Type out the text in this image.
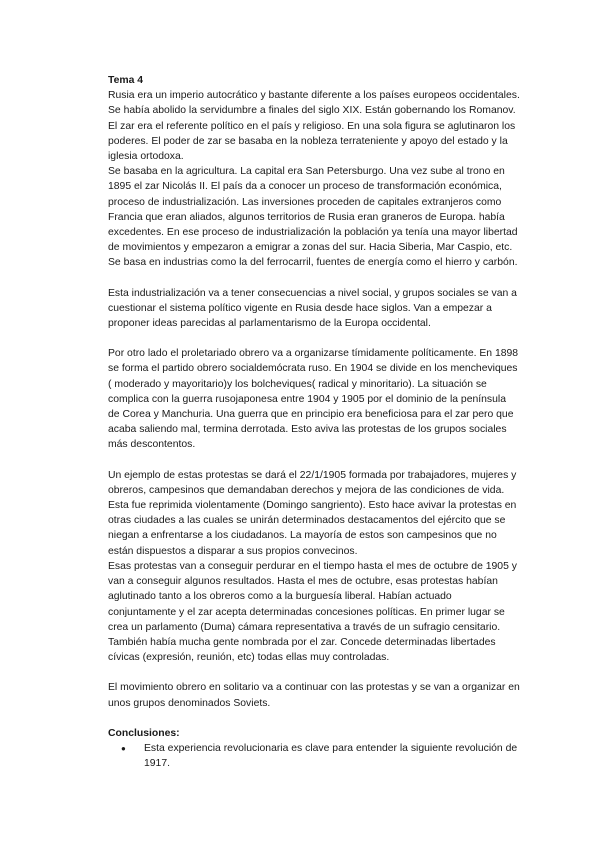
Tema 4

Rusia era un imperio autocrático y bastante diferente a los países europeos occidentales. Se había abolido la servidumbre a finales del siglo XIX. Están gobernando los Romanov. El zar era el referente político en el país y religioso. En una sola figura se aglutinaron los poderes. El poder de zar se basaba en la nobleza terrateniente y apoyo del estado y la iglesia ortodoxa.

Se basaba en la agricultura. La capital era San Petersburgo. Una vez sube al trono en 1895 el zar Nicolás II. El país da a conocer un proceso de transformación económica, proceso de industrialización. Las inversiones proceden de capitales extranjeros como Francia que eran aliados, algunos territorios de Rusia eran graneros de Europa. había excedentes. En ese proceso de industrialización la población ya tenía una mayor libertad de movimientos y empezaron a emigrar a zonas del sur. Hacia Siberia, Mar Caspio, etc. Se basa en industrias como la del ferrocarril, fuentes de energía como el hierro y carbón.

Esta industrialización va a tener consecuencias a nivel social, y grupos sociales se van a cuestionar el sistema político vigente en Rusia desde hace siglos. Van a empezar a proponer ideas parecidas al parlamentarismo de la Europa occidental.

Por otro lado el proletariado obrero va a organizarse tímidamente políticamente. En 1898 se forma el partido obrero socialdemócrata ruso. En 1904 se divide en los mencheviques ( moderado y mayoritario)y los bolcheviques( radical y minoritario). La situación se complica con la guerra rusojaponesa entre 1904 y 1905 por el dominio de la península de Corea y Manchuria. Una guerra que en principio era beneficiosa para el zar pero que acaba saliendo mal, termina derrotada. Esto aviva las protestas de los grupos sociales más descontentos.

Un ejemplo de estas protestas se dará el 22/1/1905 formada por trabajadores, mujeres y obreros, campesinos que demandaban derechos y mejora de las condiciones de vida. Esta fue reprimida violentamente (Domingo sangriento). Esto hace avivar la protestas en otras ciudades a las cuales se unirán determinados destacamentos del ejército que se niegan a enfrentarse a los ciudadanos. La mayoría de estos son campesinos que no están dispuestos a disparar a sus propios convecinos.

Esas protestas van a conseguir perdurar en el tiempo hasta el mes de octubre de 1905 y van a conseguir algunos resultados. Hasta el mes de octubre, esas protestas habían aglutinado tanto a los obreros como a la burguesía liberal. Habían actuado conjuntamente y el zar acepta determinadas concesiones políticas. En primer lugar se crea un parlamento (Duma) cámara representativa a través de un sufragio censitario. También había mucha gente nombrada por el zar. Concede determinadas libertades cívicas (expresión, reunión, etc) todas ellas muy controladas.

El movimiento obrero en solitario va a continuar con las protestas y se van a organizar en unos grupos denominados Soviets.

Conclusiones:

● Esta experiencia revolucionaria es clave para entender la siguiente revolución de 1917.
